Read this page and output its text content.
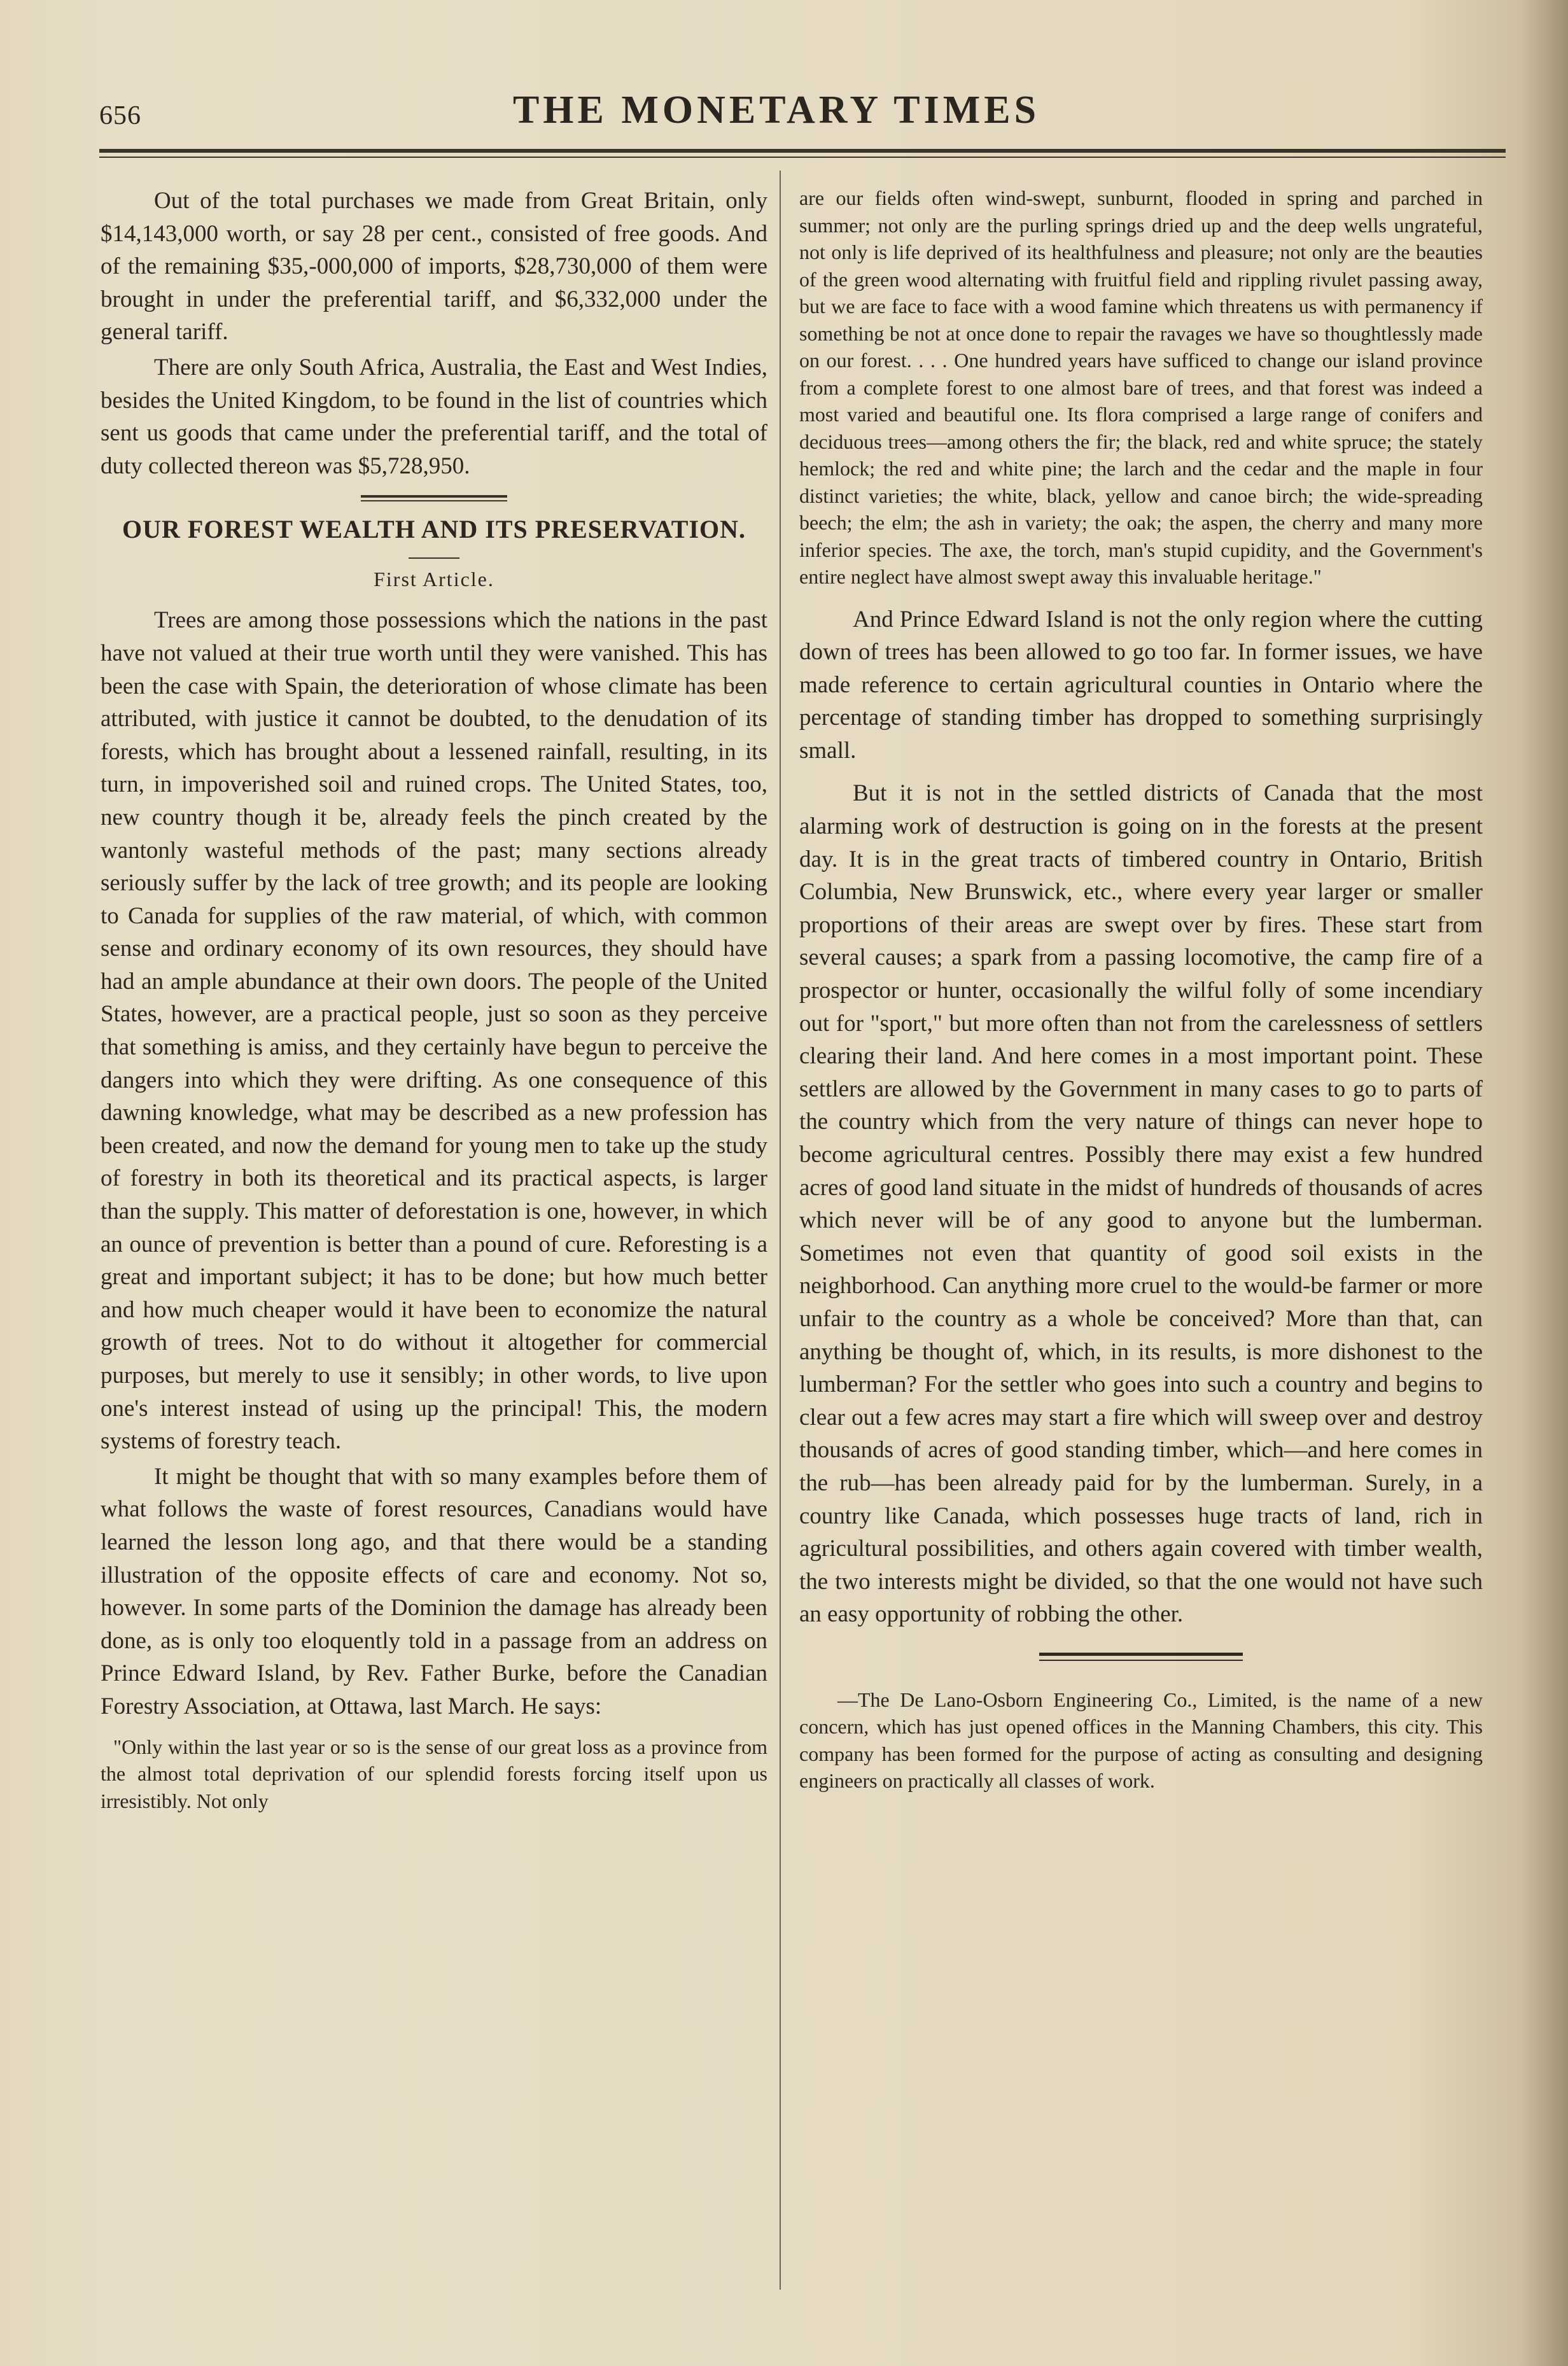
656	THE MONETARY TIMES

Out of the total purchases we made from Great Britain, only $14,143,000 worth, or say 28 per cent., consisted of free goods. And of the remaining $35,-000,000 of imports, $28,730,000 of them were brought in under the preferential tariff, and $6,332,000 under the general tariff.

There are only South Africa, Australia, the East and West Indies, besides the United Kingdom, to be found in the list of countries which sent us goods that came under the preferential tariff, and the total of duty collected thereon was $5,728,950.

OUR FOREST WEALTH AND ITS PRESERVATION.
First Article.

Trees are among those possessions which the nations in the past have not valued at their true worth until they were vanished. This has been the case with Spain, the deterioration of whose climate has been attributed, with justice it cannot be doubted, to the denudation of its forests, which has brought about a lessened rainfall, resulting, in its turn, in impoverished soil and ruined crops. The United States, too, new country though it be, already feels the pinch created by the wantonly wasteful methods of the past; many sections already seriously suffer by the lack of tree growth; and its people are looking to Canada for supplies of the raw material, of which, with common sense and ordinary economy of its own resources, they should have had an ample abundance at their own doors. The people of the United States, however, are a practical people, just so soon as they perceive that something is amiss, and they certainly have begun to perceive the dangers into which they were drifting. As one consequence of this dawning knowledge, what may be described as a new profession has been created, and now the demand for young men to take up the study of forestry in both its theoretical and its practical aspects, is larger than the supply. This matter of deforestation is one, however, in which an ounce of prevention is better than a pound of cure. Reforesting is a great and important subject; it has to be done; but how much better and how much cheaper would it have been to economize the natural growth of trees. Not to do without it altogether for commercial purposes, but merely to use it sensibly; in other words, to live upon one's interest instead of using up the principal! This, the modern systems of forestry teach.

It might be thought that with so many examples before them of what follows the waste of forest resources, Canadians would have learned the lesson long ago, and that there would be a standing illustration of the opposite effects of care and economy. Not so, however. In some parts of the Dominion the damage has already been done, as is only too eloquently told in a passage from an address on Prince Edward Island, by Rev. Father Burke, before the Canadian Forestry Association, at Ottawa, last March. He says:

"Only within the last year or so is the sense of our great loss as a province from the almost total deprivation of our splendid forests forcing itself upon us irresistibly. Not only

are our fields often wind-swept, sunburnt, flooded in spring and parched in summer; not only are the purling springs dried up and the deep wells ungrateful, not only is life deprived of its healthfulness and pleasure; not only are the beauties of the green wood alternating with fruitful field and rippling rivulet passing away, but we are face to face with a wood famine which threatens us with permanency if something be not at once done to repair the ravages we have so thoughtlessly made on our forest. . . . One hundred years have sufficed to change our island province from a complete forest to one almost bare of trees, and that forest was indeed a most varied and beautiful one. Its flora comprised a large range of conifers and deciduous trees—among others the fir; the black, red and white spruce; the stately hemlock; the red and white pine; the larch and the cedar and the maple in four distinct varieties; the white, black, yellow and canoe birch; the wide-spreading beech; the elm; the ash in variety; the oak; the aspen, the cherry and many more inferior species. The axe, the torch, man's stupid cupidity, and the Government's entire neglect have almost swept away this invaluable heritage."

And Prince Edward Island is not the only region where the cutting down of trees has been allowed to go too far. In former issues, we have made reference to certain agricultural counties in Ontario where the percentage of standing timber has dropped to something surprisingly small.

But it is not in the settled districts of Canada that the most alarming work of destruction is going on in the forests at the present day. It is in the great tracts of timbered country in Ontario, British Columbia, New Brunswick, etc., where every year larger or smaller proportions of their areas are swept over by fires. These start from several causes; a spark from a passing locomotive, the camp fire of a prospector or hunter, occasionally the wilful folly of some incendiary out for "sport," but more often than not from the carelessness of settlers clearing their land. And here comes in a most important point. These settlers are allowed by the Government in many cases to go to parts of the country which from the very nature of things can never hope to become agricultural centres. Possibly there may exist a few hundred acres of good land situate in the midst of hundreds of thousands of acres which never will be of any good to anyone but the lumberman. Sometimes not even that quantity of good soil exists in the neighborhood. Can anything more cruel to the would-be farmer or more unfair to the country as a whole be conceived? More than that, can anything be thought of, which, in its results, is more dishonest to the lumberman? For the settler who goes into such a country and begins to clear out a few acres may start a fire which will sweep over and destroy thousands of acres of good standing timber, which—and here comes in the rub—has been already paid for by the lumberman. Surely, in a country like Canada, which possesses huge tracts of land, rich in agricultural possibilities, and others again covered with timber wealth, the two interests might be divided, so that the one would not have such an easy opportunity of robbing the other.

—The De Lano-Osborn Engineering Co., Limited, is the name of a new concern, which has just opened offices in the Manning Chambers, this city. This company has been formed for the purpose of acting as consulting and designing engineers on practically all classes of work.
